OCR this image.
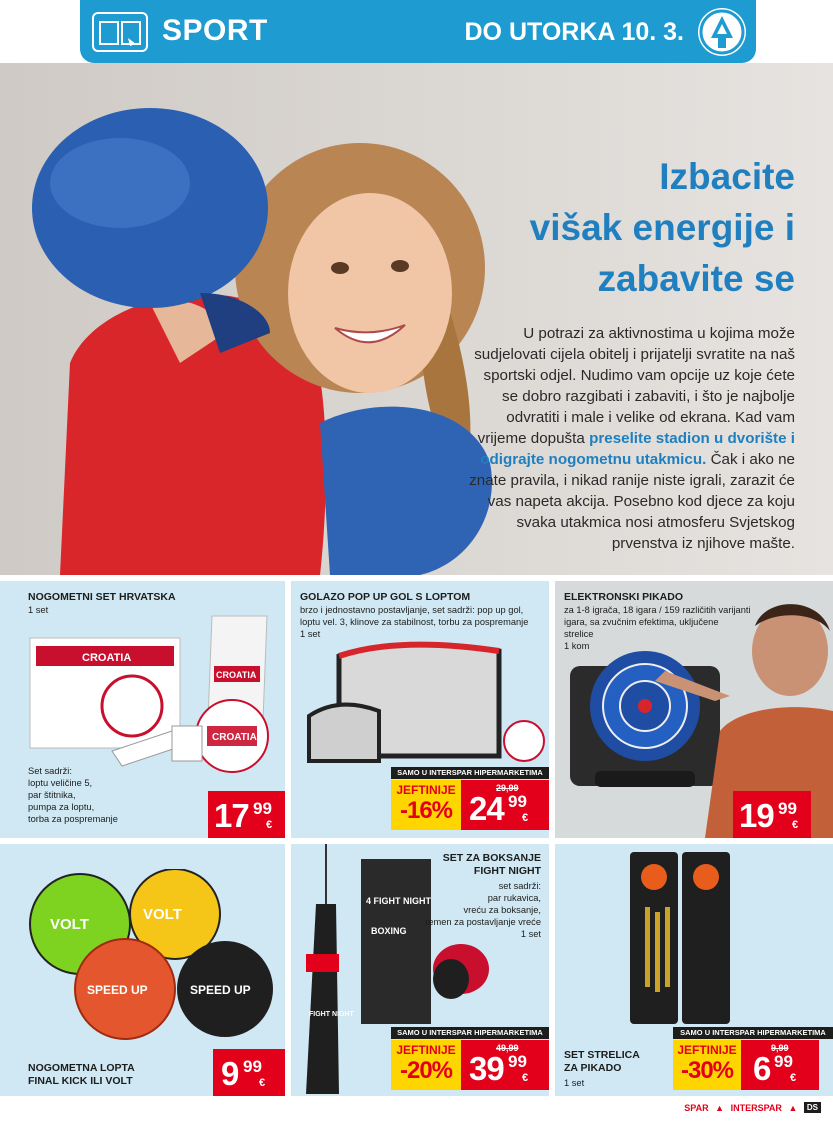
SPORT	DO UTORKA 10. 3.
Izbacite
višak energije i
zabavite se
U potrazi za aktivnostima u kojima može sudjelovati cijela obitelj i prijatelji svratite na naš sportski odjel. Nudimo vam opcije uz koje ćete se dobro razgibati i zabaviti, i što je najbolje odvratiti i male i velike od ekrana. Kad vam vrijeme dopušta preselite stadion u dvorište i odigrajte nogometnu utakmicu. Čak i ako ne znate pravila, i nikad ranije niste igrali, zarazit će vas napeta akcija. Posebno kod djece za koju svaka utakmica nosi atmosferu Svjetskog prvenstva iz njihove mašte.
NOGOMETNI SET HRVATSKA
1 set
CROATIA
CROATIA
CROATIA
Set sadrži:
loptu veličine 5,
par štitnika,
pumpa za loptu,
torba za pospremanje	17 99
€
GOLAZO POP UP GOL S LOPTOM
brzo i jednostavno postavljanje, set sadrži: pop up gol,
loptu vel. 3, klinove za stabilnost, torbu za pospremanje
1 set
SAMO U INTERSPAR HIPERMARKETIMA
JEFTINIJE
-16%
29,99
24 99
€
ELEKTRONSKI PIKADO
za 1-8 igrača, 18 igara / 159 različitih varijanti
igara, sa zvučnim efektima, uključene
strelice
1 kom
19 99
€
VOLT
VOLT
SPEED UP	SPEED UP
NOGOMETNA LOPTA
FINAL KICK ILI VOLT	9 99
€
FIGHT NIGHT
4 FIGHT NIGHT
BOXING
SET ZA BOKSANJE
FIGHT NIGHT
set sadrži:
par rukavica,
vreću za boksanje,
remen za postavljanje vreće
1 set
SAMO U INTERSPAR HIPERMARKETIMA
JEFTINIJE
-20%
49,99
39 99
€
SET STRELICA
ZA PIKADO
1 set
SAMO U INTERSPAR HIPERMARKETIMA
JEFTINIJE
-30%
9,99
6 99
€
SPAR ▲ INTERSPAR ▲ DS
